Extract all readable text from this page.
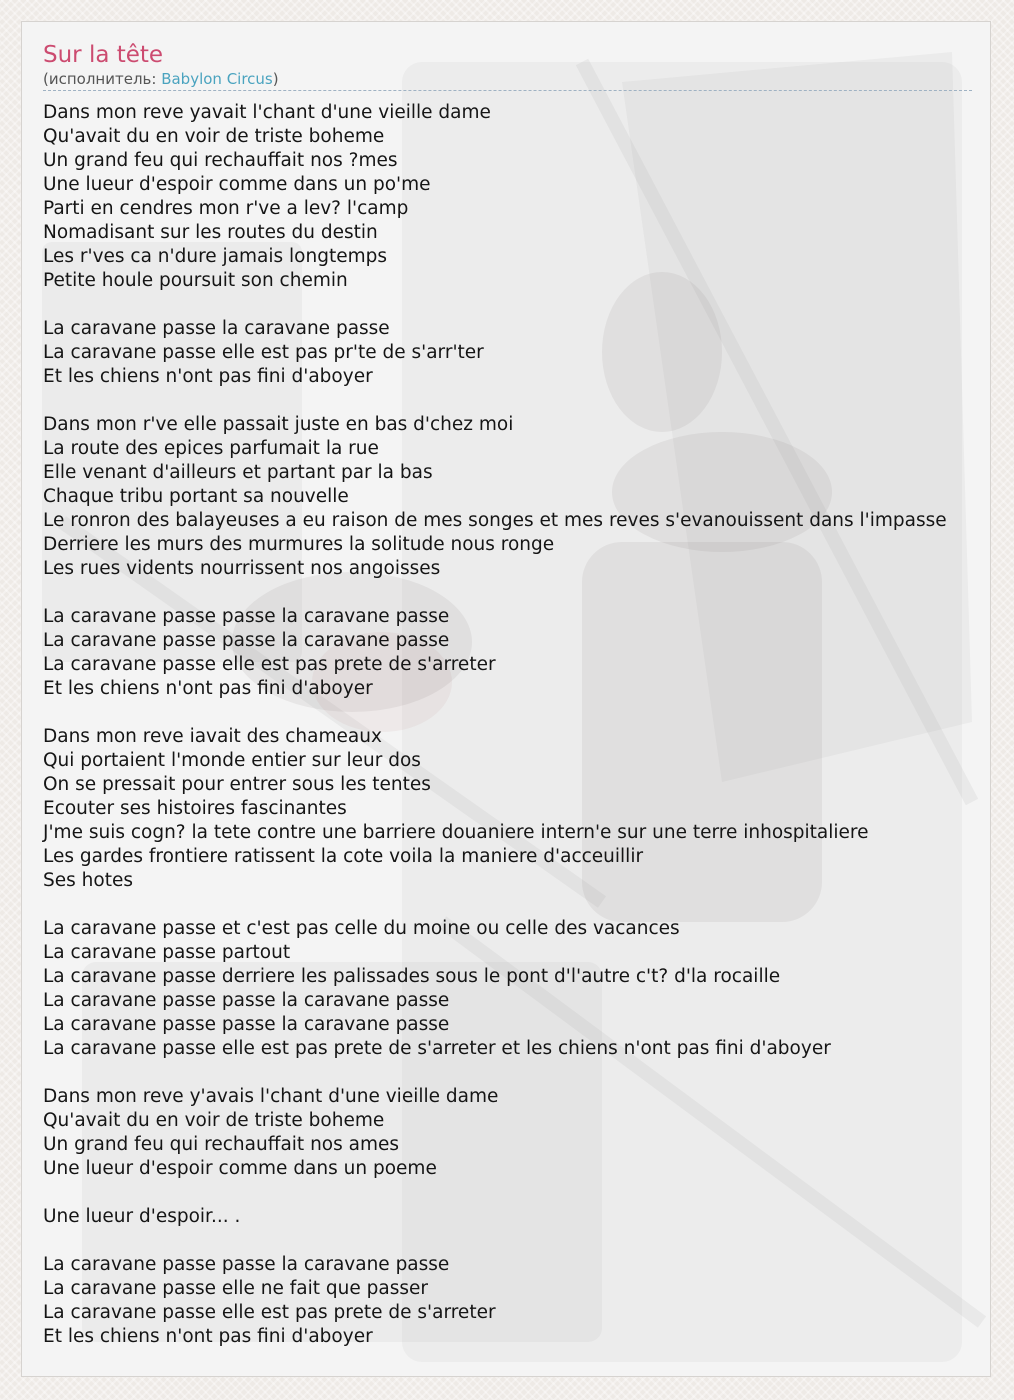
Sur la tête
(исполнитель: Babylon Circus)
Dans mon reve yavait l'chant d'une vieille dame
Qu'avait du en voir de triste boheme
Un grand feu qui rechauffait nos ?mes
Une lueur d'espoir comme dans un po'me
Parti en cendres mon r've a lev? l'camp
Nomadisant sur les routes du destin
Les r'ves ca n'dure jamais longtemps
Petite houle poursuit son chemin

La caravane passe la caravane passe
La caravane passe elle est pas pr'te de s'arr'ter
Et les chiens n'ont pas fini d'aboyer

Dans mon r've elle passait juste en bas d'chez moi
La route des epices parfumait la rue
Elle venant d'ailleurs et partant par la bas
Chaque tribu portant sa nouvelle
Le ronron des balayeuses a eu raison de mes songes et mes reves s'evanouissent dans l'impasse
Derriere les murs des murmures la solitude nous ronge
Les rues vidents nourrissent nos angoisses

La caravane passe passe la caravane passe
La caravane passe passe la caravane passe
La caravane passe elle est pas prete de s'arreter
Et les chiens n'ont pas fini d'aboyer

Dans mon reve iavait des chameaux
Qui portaient l'monde entier sur leur dos
On se pressait pour entrer sous les tentes
Ecouter ses histoires fascinantes
J'me suis cogn? la tete contre une barriere douaniere intern'e sur une terre inhospitaliere
Les gardes frontiere ratissent la cote voila la maniere d'acceuillir
Ses hotes

La caravane passe et c'est pas celle du moine ou celle des vacances
La caravane passe partout
La caravane passe derriere les palissades sous le pont d'l'autre c't? d'la rocaille
La caravane passe passe la caravane passe
La caravane passe passe la caravane passe
La caravane passe elle est pas prete de s'arreter et les chiens n'ont pas fini d'aboyer

Dans mon reve y'avais l'chant d'une vieille dame
Qu'avait du en voir de triste boheme
Un grand feu qui rechauffait nos ames
Une lueur d'espoir comme dans un poeme

Une lueur d'espoir... .

La caravane passe passe la caravane passe
La caravane passe elle ne fait que passer
La caravane passe elle est pas prete de s'arreter
Et les chiens n'ont pas fini d'aboyer
